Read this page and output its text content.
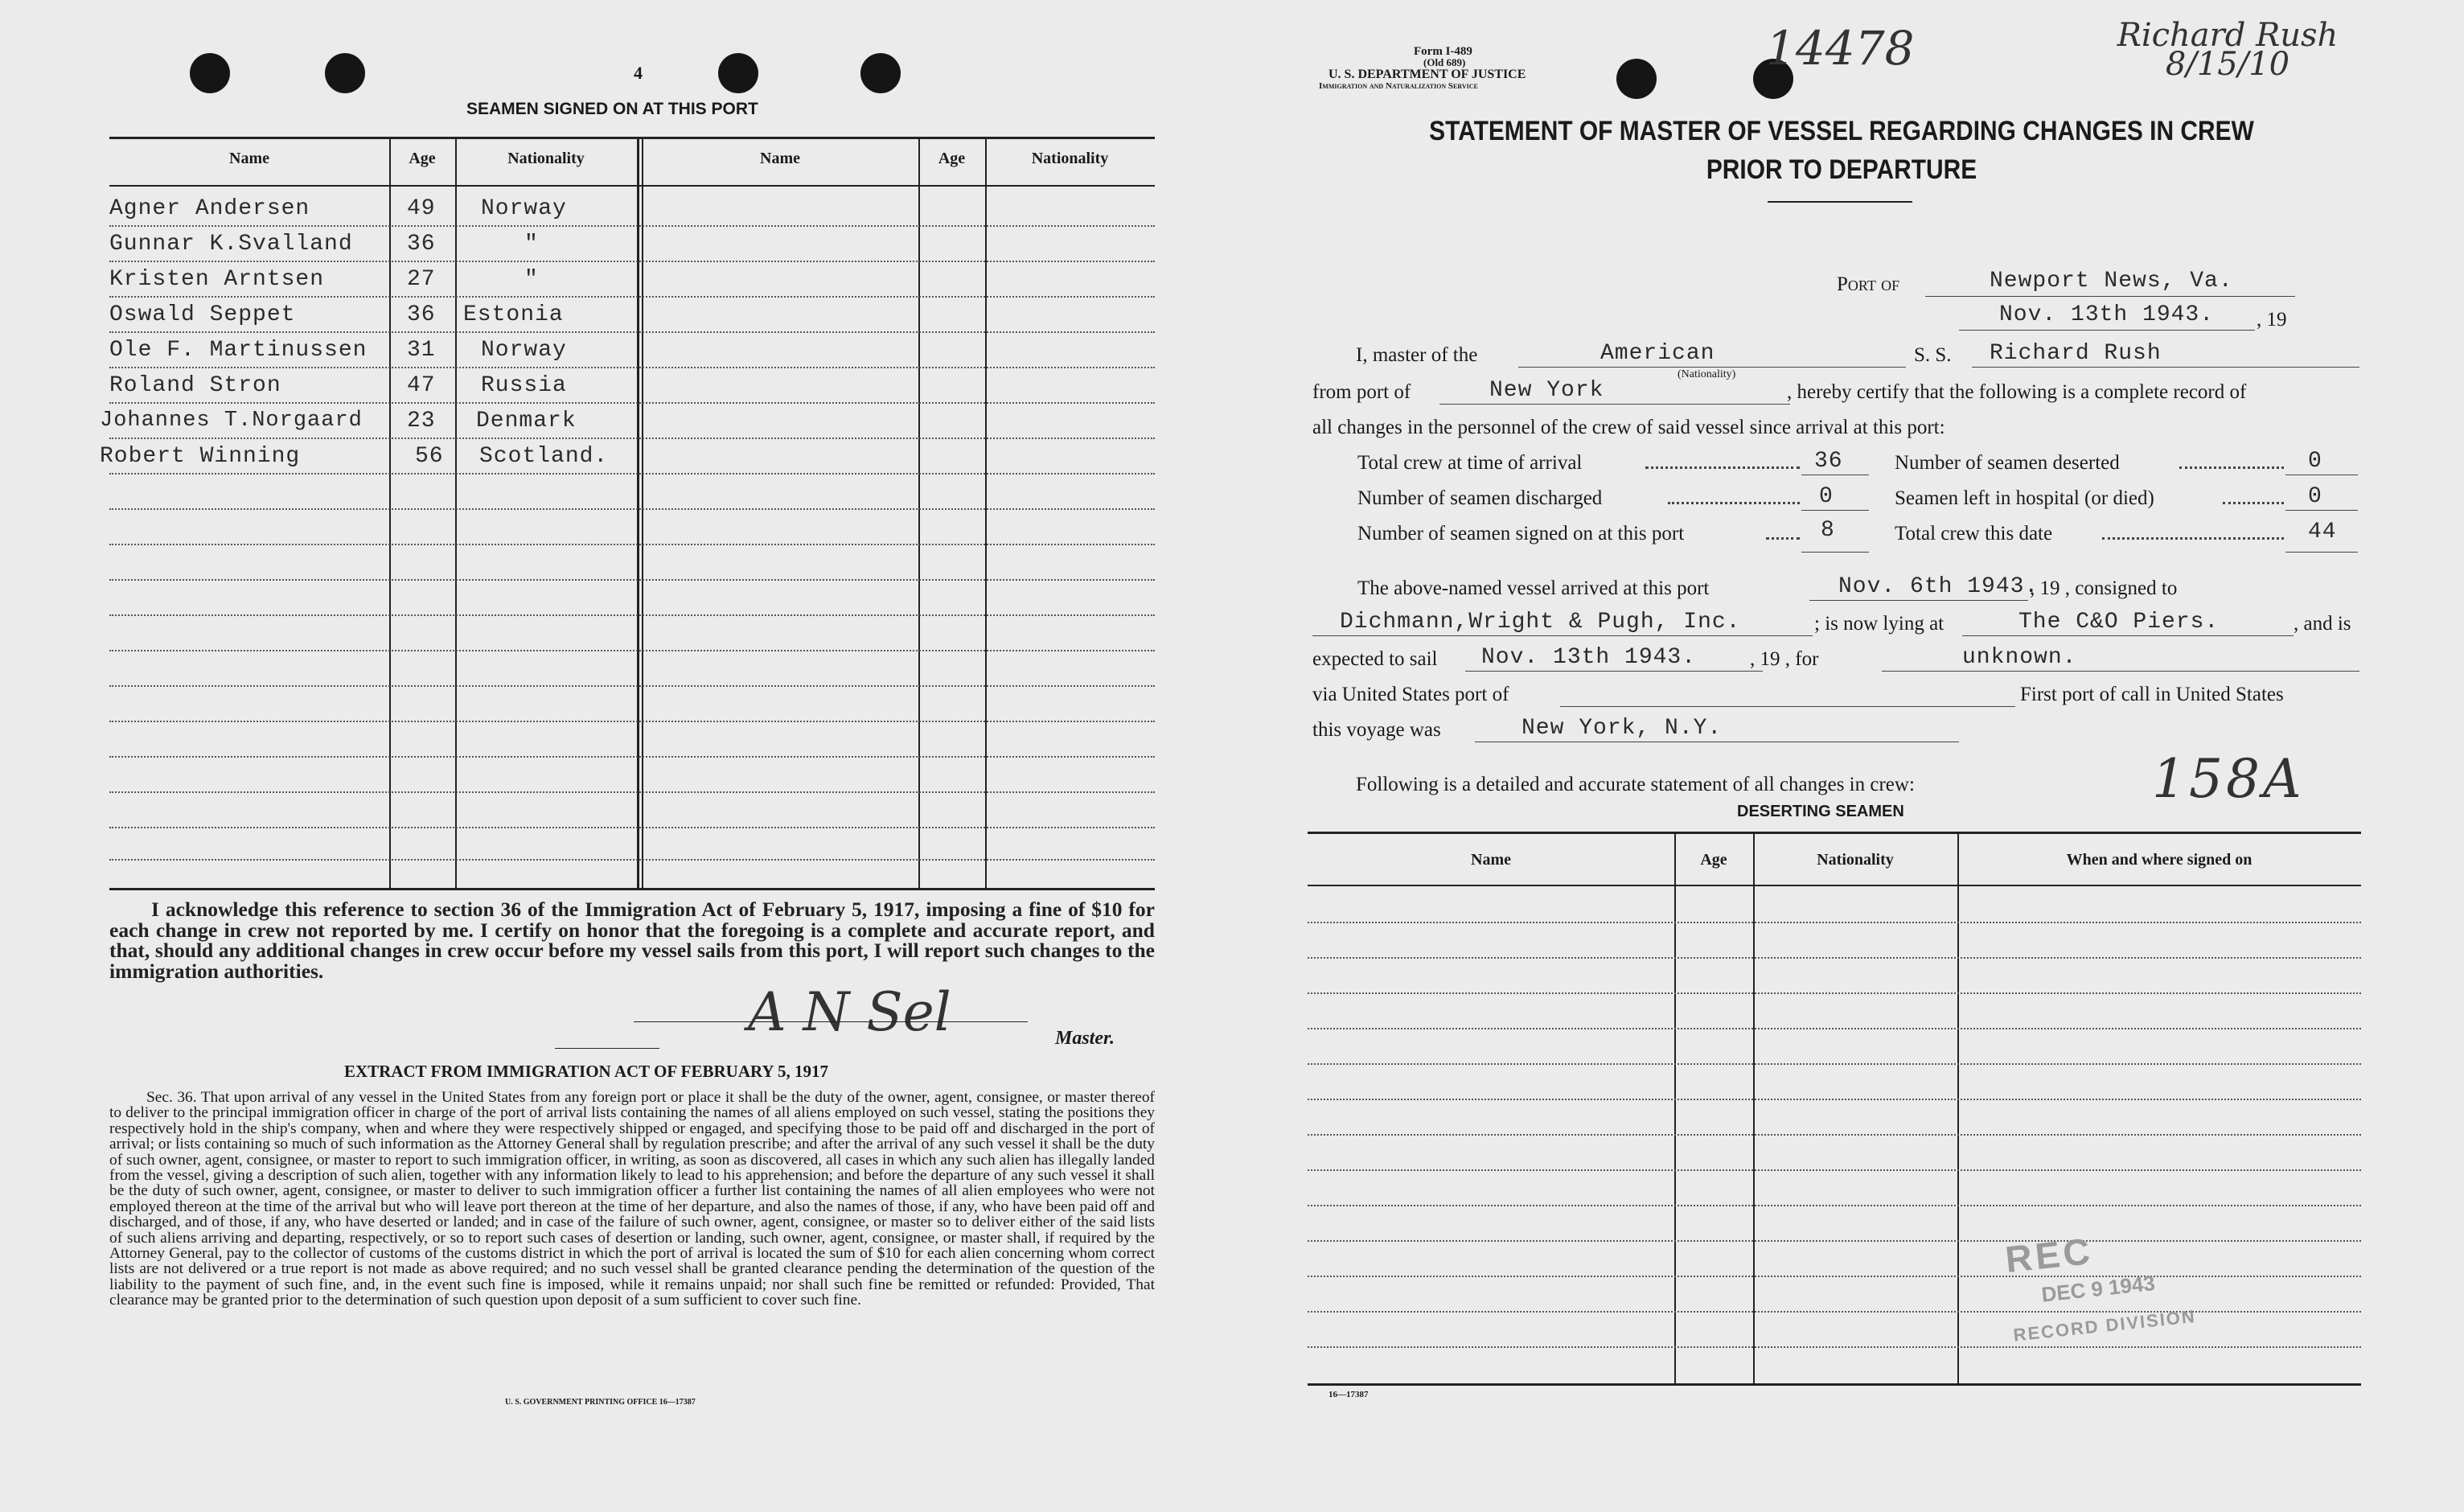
4
SEAMEN SIGNED ON AT THIS PORT
Name	Age	Nationality	Name	Age	Nationality
Agner Andersen	49 Norway
Gunnar K.Svalland 36	"
Kristen Arntsen	27	"
Oswald Seppet	36 Estonia
Ole F. Martinussen 31 Norway
Roland Stron	47 Russia
Johannes T.Norgaard 23 Denmark
Robert Winning	56 Scotland.
I acknowledge this reference to section 36 of the Immigration Act of February 5, 1917, imposing a fine of $10 for each change in crew not reported by me. I certify on honor that the foregoing is a complete and accurate report, and that, should any additional changes in crew occur before my vessel sails from this port, I will report such changes to the immigration authorities.
A N Sel	Master.
EXTRACT FROM IMMIGRATION ACT OF FEBRUARY 5, 1917
Sec. 36. That upon arrival of any vessel in the United States from any foreign port or place it shall be the duty of the owner, agent, consignee, or master thereof to deliver to the principal immigration officer in charge of the port of arrival lists containing the names of all aliens employed on such vessel, stating the positions they respectively hold in the ship's company, when and where they were respectively shipped or engaged, and specifying those to be paid off and discharged in the port of arrival; or lists containing so much of such information as the Attorney General shall by regulation prescribe; and after the arrival of any such vessel it shall be the duty of such owner, agent, consignee, or master to report to such immigration officer, in writing, as soon as discovered, all cases in which any such alien has illegally landed from the vessel, giving a description of such alien, together with any information likely to lead to his apprehension; and before the departure of any such vessel it shall be the duty of such owner, agent, consignee, or master to deliver to such immigration officer a further list containing the names of all alien employees who were not employed thereon at the time of the arrival but who will leave port thereon at the time of her departure, and also the names of those, if any, who have been paid off and discharged, and of those, if any, who have deserted or landed; and in case of the failure of such owner, agent, consignee, or master so to deliver either of the said lists of such aliens arriving and departing, respectively, or so to report such cases of desertion or landing, such owner, agent, consignee, or master shall, if required by the Attorney General, pay to the collector of customs of the customs district in which the port of arrival is located the sum of $10 for each alien concerning whom correct lists are not delivered or a true report is not made as above required; and no such vessel shall be granted clearance pending the determination of the question of the liability to the payment of such fine, and, in the event such fine is imposed, while it remains unpaid; nor shall such fine be remitted or refunded: Provided, That clearance may be granted prior to the determination of such question upon deposit of a sum sufficient to cover such fine.
U. S. GOVERNMENT PRINTING OFFICE 16—17387
Form I-489
(Old 689)
U. S. DEPARTMENT OF JUSTICE
Immigration and Naturalization Service
14478	Richard Rush 8/15/10
STATEMENT OF MASTER OF VESSEL REGARDING CHANGES IN CREW
PRIOR TO DEPARTURE
Port of	Newport News, Va.
Nov. 13th 1943. , 19
I, master of the	American
(Nationality)
S. S. Richard Rush
from port of	New York	, hereby certify that the following is a complete record of
all changes in the personnel of the crew of said vessel since arrival at this port:
Total crew at time of arrival	36	Number of seamen deserted	0
Number of seamen discharged	0	Seamen left in hospital (or died)	0
Number of seamen signed on at this port	8	Total crew this date	44
The above-named vessel arrived at this port	Nov. 6th 1943.
, 19 , consigned to
Dichmann,Wright & Pugh, Inc.	; is now lying at	The C&O Piers.	, and is
expected to sail Nov. 13th 1943.	, 19 , for	unknown.
via United States port of	First port of call in United States
this voyage was	New York, N.Y.
Following is a detailed and accurate statement of all changes in crew:	158A
DESERTING SEAMEN
Name	Age	Nationality	When and where signed on
REC
DEC 9 1943
RECORD DIVISION
16—17387
